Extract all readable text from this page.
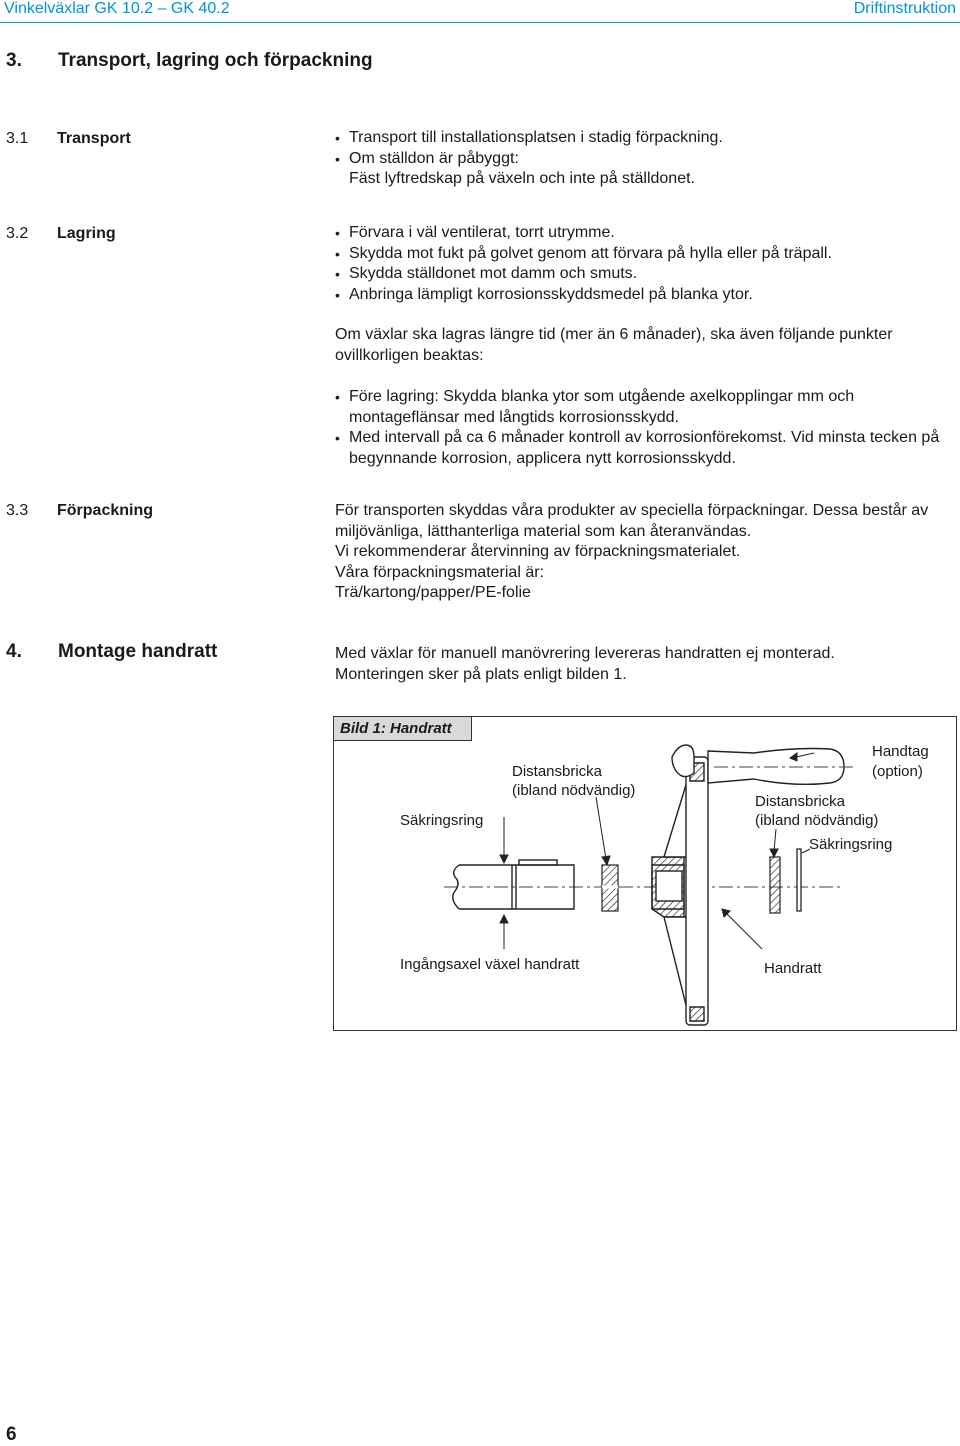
Vinkelväxlar GK 10.2 – GK 40.2	Driftinstruktion
3. Transport, lagring och förpackning
3.1 Transport	• Transport till installationsplatsen i stadig förpackning.
• Om ställdon är påbyggt:
Fäst lyftredskap på växeln och inte på ställdonet.
3.2 Lagring	• Förvara i väl ventilerat, torrt utrymme.
• Skydda mot fukt på golvet genom att förvara på hylla eller på träpall.
• Skydda ställdonet mot damm och smuts.
• Anbringa lämpligt korrosionsskyddsmedel på blanka ytor.

Om växlar ska lagras längre tid (mer än 6 månader), ska även följande punkter ovillkorligen beaktas:

• Före lagring: Skydda blanka ytor som utgående axelkopplingar mm och montageflänsar med långtids korrosionsskydd.
• Med intervall på ca 6 månader kontroll av korrosionförekomst. Vid minsta tecken på begynnande korrosion, applicera nytt korrosionsskydd.
3.3 Förpackning	För transporten skyddas våra produkter av speciella förpackningar. Dessa består av miljövänliga, lätthanterliga material som kan återanvändas.
Vi rekommenderar återvinning av förpackningsmaterialet.
Våra förpackningsmaterial är:
Trä/kartong/papper/PE-folie
4. Montage handratt	Med växlar för manuell manövrering levereras handratten ej monterad.
Monteringen sker på plats enligt bilden 1.
Bild 1: Handratt
Säkringsring
Distansbricka
(ibland nödvändig)
Handtag
(option)
Distansbricka
(ibland nödvändig)
Säkringsring
Ingångsaxel växel handratt	Handratt
6
